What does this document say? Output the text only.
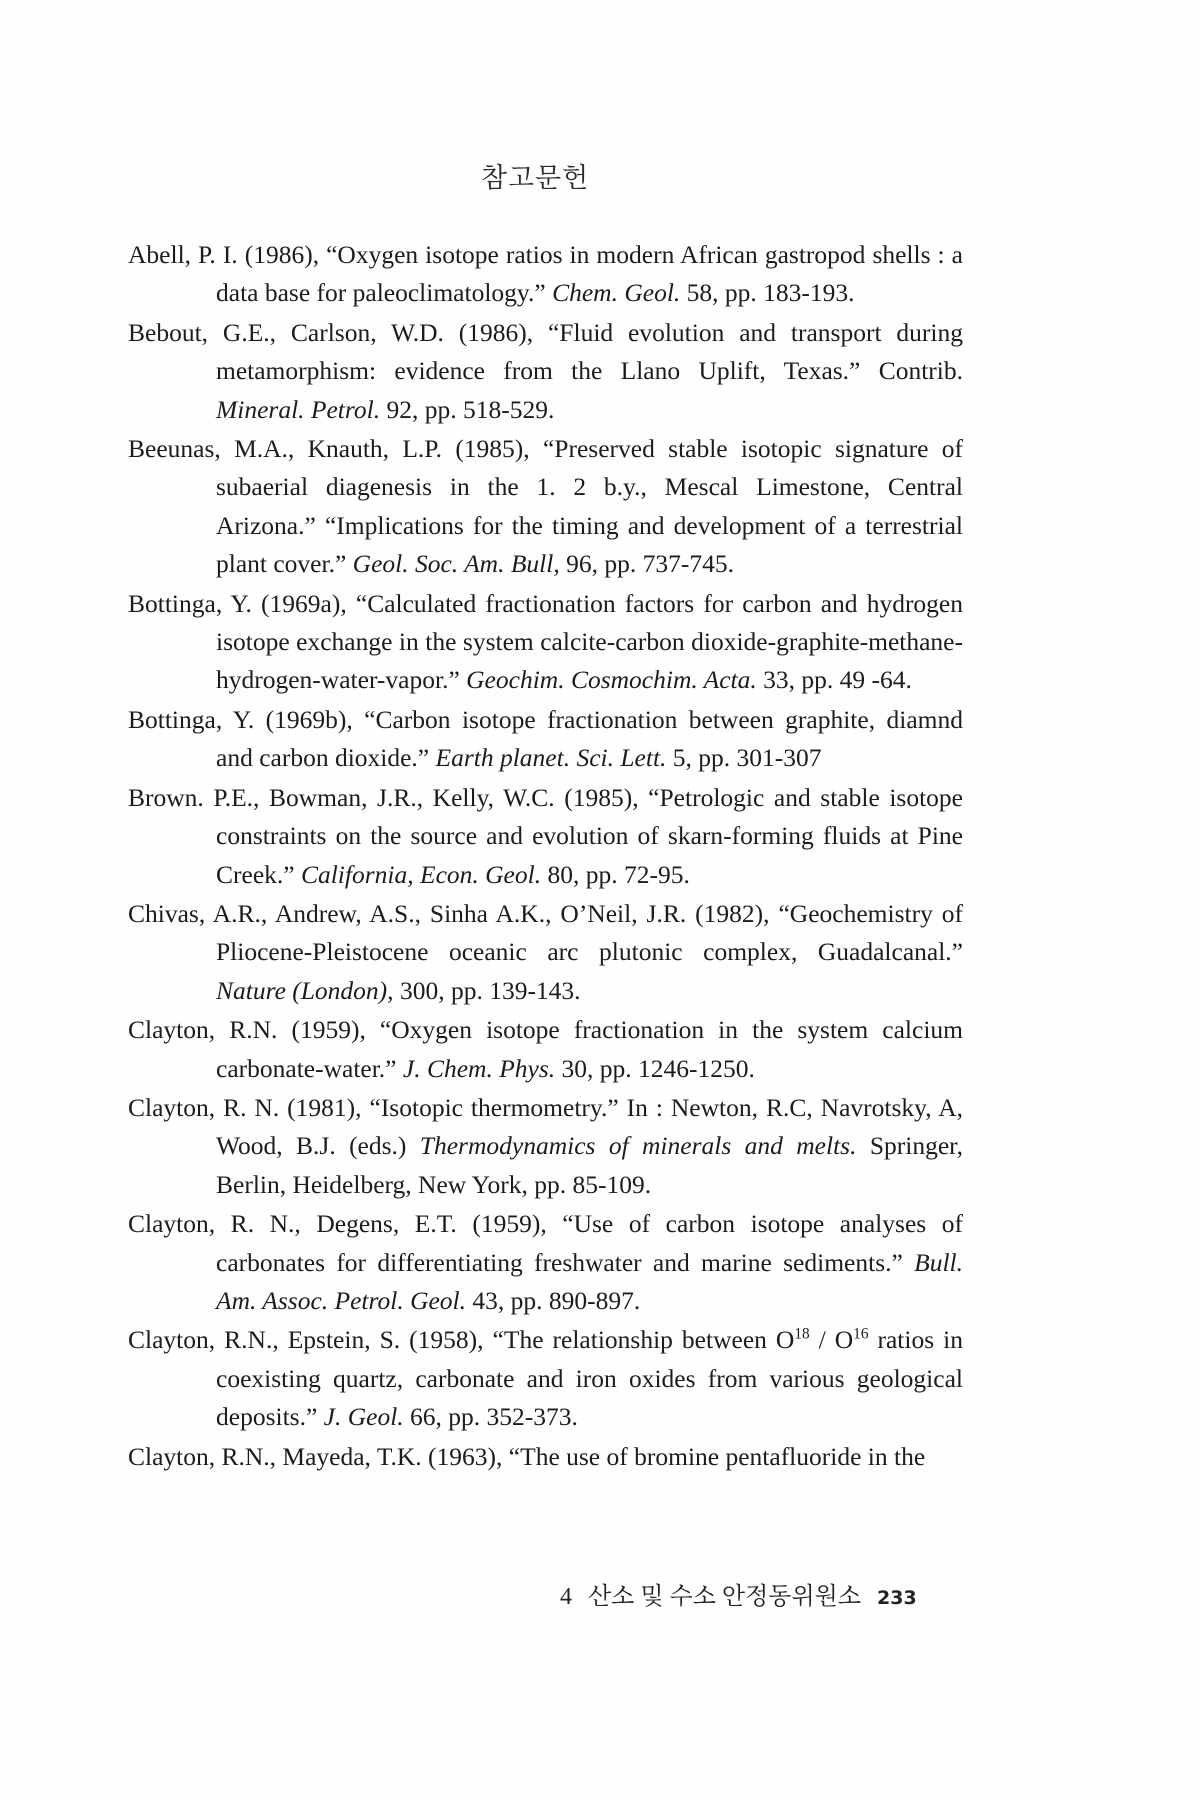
참고문헌

Abell, P. I. (1986), “Oxygen isotope ratios in modern African gastropod shells : a data base for paleoclimatology.” Chem. Geol. 58, pp. 183-193.

Bebout, G.E., Carlson, W.D. (1986), “Fluid evolution and transport during metamorphism: evidence from the Llano Uplift, Texas.” Contrib. Mineral. Petrol. 92, pp. 518-529.

Beeunas, M.A., Knauth, L.P. (1985), “Preserved stable isotopic signature of subaerial diagenesis in the 1. 2 b.y., Mescal Limestone, Central Arizona.” “Implications for the timing and development of a terrestrial plant cover.” Geol. Soc. Am. Bull, 96, pp. 737-745.

Bottinga, Y. (1969a), “Calculated fractionation factors for carbon and hydrogen isotope exchange in the system calcite-carbon dioxide-graphite-methane-hydrogen-water-vapor.” Geochim. Cosmochim. Acta. 33, pp. 49 -64.

Bottinga, Y. (1969b), “Carbon isotope fractionation between graphite, diamnd and carbon dioxide.” Earth planet. Sci. Lett. 5, pp. 301-307

Brown. P.E., Bowman, J.R., Kelly, W.C. (1985), “Petrologic and stable isotope constraints on the source and evolution of skarn-forming fluids at Pine Creek.” California, Econ. Geol. 80, pp. 72-95.

Chivas, A.R., Andrew, A.S., Sinha A.K., O’Neil, J.R. (1982), “Geochemistry of Pliocene-Pleistocene oceanic arc plutonic complex, Guadalcanal.” Nature (London), 300, pp. 139-143.

Clayton, R.N. (1959), “Oxygen isotope fractionation in the system calcium carbonate-water.” J. Chem. Phys. 30, pp. 1246-1250.

Clayton, R. N. (1981), “Isotopic thermometry.” In : Newton, R.C, Navrotsky, A, Wood, B.J. (eds.) Thermodynamics of minerals and melts. Springer, Berlin, Heidelberg, New York, pp. 85-109.

Clayton, R. N., Degens, E.T. (1959), “Use of carbon isotope analyses of carbonates for differentiating freshwater and marine sediments.” Bull. Am. Assoc. Petrol. Geol. 43, pp. 890-897.

Clayton, R.N., Epstein, S. (1958), “The relationship between $O^{18} / O^{16}$ ratios in coexisting quartz, carbonate and iron oxides from various geological deposits.” J. Geol. 66, pp. 352-373.

Clayton, R.N., Mayeda, T.K. (1963), “The use of bromine pentafluoride in the

4 산소 및 수소 안정동위원소 233
